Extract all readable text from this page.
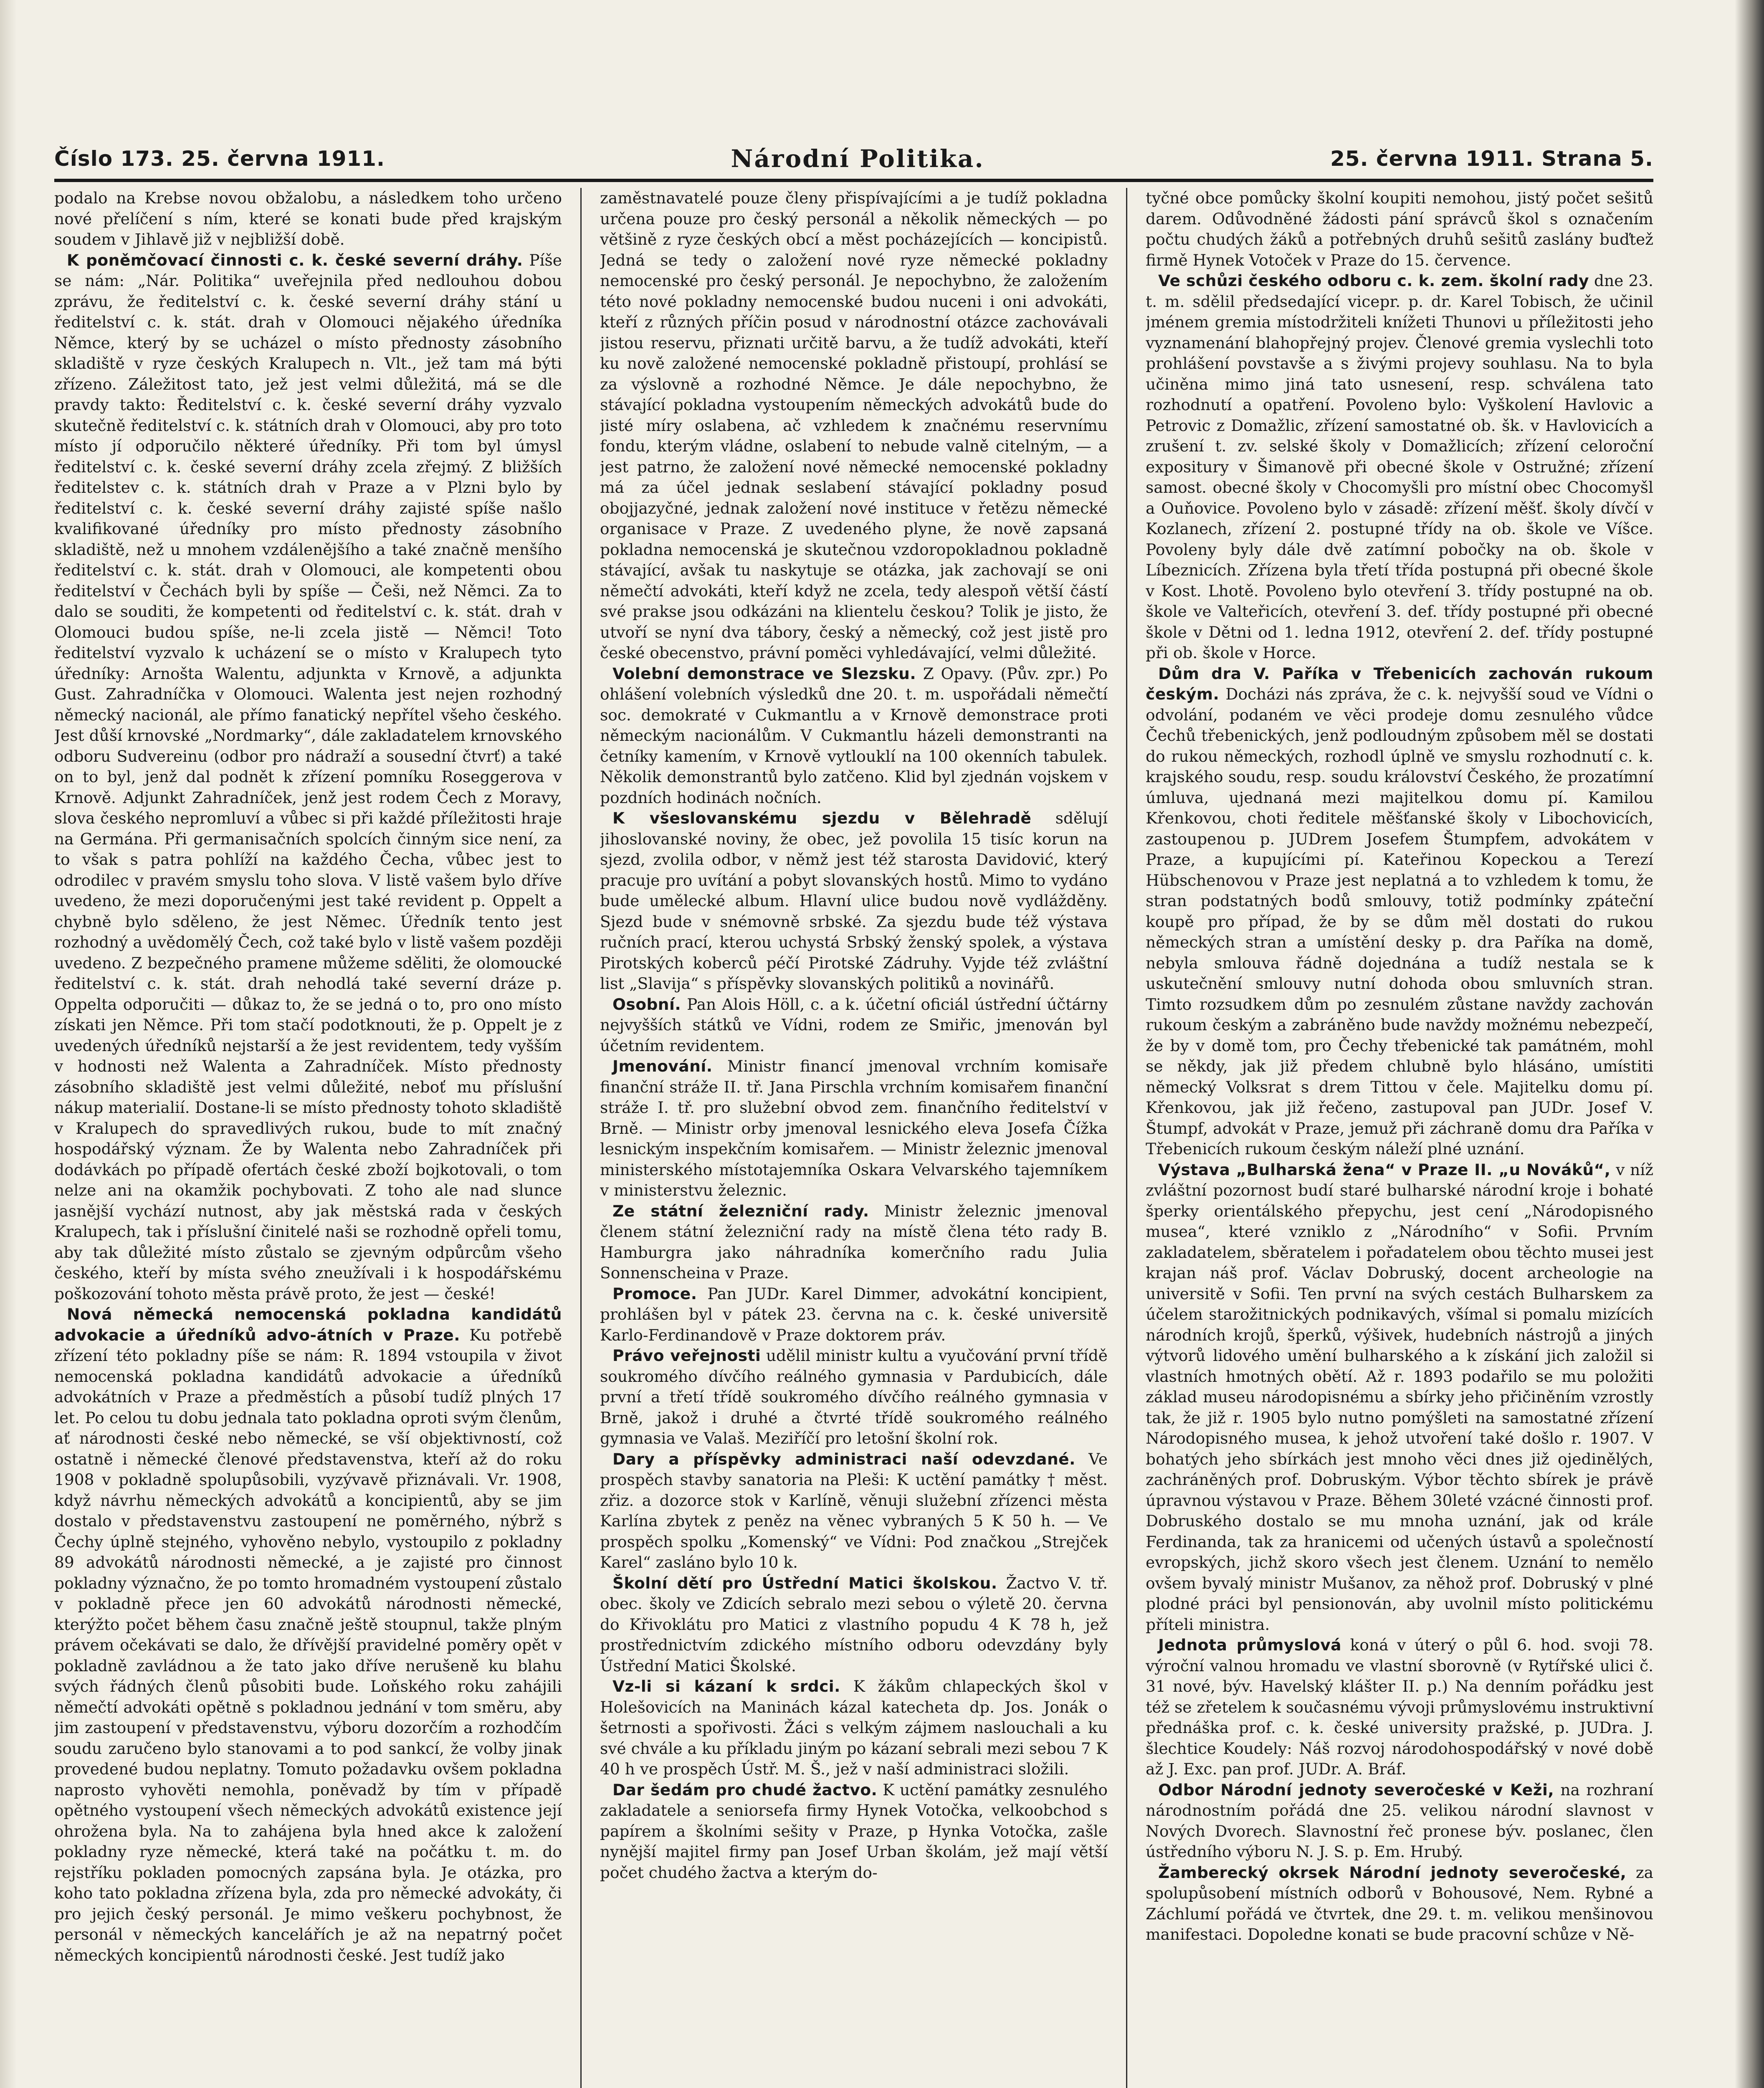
Číslo 173. 25. června 1911.	Národní Politika.	25. června 1911. Strana 5.

podalo na Krebse novou obžalobu, a následkem toho určeno nové přelíčení s ním, které se konati bude před krajským soudem v Jihlavě již v nejbližší době.

K poněmčovací činnosti c. k. české severní dráhy. Píše se nám: „Nár. Politika“ uveřejnila před nedlouhou dobou zprávu, že ředitelství c. k. české severní dráhy stání u ředitelství c. k. stát. drah v Olomouci nějakého úředníka Němce, který by se ucházel o místo přednosty zásobního skladiště v ryze českých Kralupech n. Vlt., jež tam má býti zřízeno. Záležitost tato, jež jest velmi důležitá, má se dle pravdy takto: Ředitelství c. k. české severní dráhy vyzvalo skutečně ředitelství c. k. státních drah v Olomouci, aby pro toto místo jí odporučilo některé úředníky. Při tom byl úmysl ředitelství c. k. české severní dráhy zcela zřejmý. Z bližších ředitelstev c. k. státních drah v Praze a v Plzni bylo by ředitelství c. k. české severní dráhy zajisté spíše našlo kvalifikované úředníky pro místo přednosty zásobního skladiště, než u mnohem vzdálenějšího a také značně menšího ředitelství c. k. stát. drah v Olomouci, ale kompetenti obou ředitelství v Čechách byli by spíše — Češi, než Němci. Za to dalo se souditi, že kompetenti od ředitelství c. k. stát. drah v Olomouci budou spíše, ne-li zcela jistě — Němci! Toto ředitelství vyzvalo k ucházení se o místo v Kralupech tyto úředníky: Arnošta Walentu, adjunkta v Krnově, a adjunkta Gust. Zahradníčka v Olomouci. Walenta jest nejen rozhodný německý nacionál, ale přímo fanatický nepřítel všeho českého. Jest důší krnovské „Nordmarky“, dále zakladatelem krnovského odboru Sudvereinu (odbor pro nádraží a sousední čtvrť) a také on to byl, jenž dal podnět k zřízení pomníku Roseggerova v Krnově. Adjunkt Zahradníček, jenž jest rodem Čech z Moravy, slova českého nepromluví a vůbec si při každé příležitosti hraje na Germána. Při germanisačních spolcích činným sice není, za to však s patra pohlíží na každého Čecha, vůbec jest to odrodilec v pravém smyslu toho slova. V listě vašem bylo dříve uvedeno, že mezi doporučenými jest také revident p. Oppelt a chybně bylo sděleno, že jest Němec. Úředník tento jest rozhodný a uvědomělý Čech, což také bylo v listě vašem později uvedeno. Z bezpečného pramene můžeme sděliti, že olomoucké ředitelství c. k. stát. drah nehodlá také severní dráze p. Oppelta odporučiti — důkaz to, že se jedná o to, pro ono místo získati jen Němce. Při tom stačí podotknouti, že p. Oppelt je z uvedených úředníků nejstarší a že jest revidentem, tedy vyšším v hodnosti než Walenta a Zahradníček. Místo přednosty zásobního skladiště jest velmi důležité, neboť mu příslušní nákup materialií. Dostane-li se místo přednosty tohoto skladiště v Kralupech do spravedlivých rukou, bude to mít značný hospodářský význam. Že by Walenta nebo Zahradníček při dodávkách po případě ofertách české zboží bojkotovali, o tom nelze ani na okamžik pochybovati. Z toho ale nad slunce jasnější vychází nutnost, aby jak městská rada v českých Kralupech, tak i příslušní činitelé naši se rozhodně opřeli tomu, aby tak důležité místo zůstalo se zjevným odpůrcům všeho českého, kteří by místa svého zneužívali i k hospodářskému poškozování tohoto města právě proto, že jest — české!

Nová německá nemocenská pokladna kandidátů advokacie a úředníků advo-átních v Praze. Ku potřebě zřízení této pokladny píše se nám: R. 1894 vstoupila v život nemocenská pokladna kandidátů advokacie a úředníků advokátních v Praze a předměstích a působí tudíž plných 17 let. Po celou tu dobu jednala tato pokladna oproti svým členům, ať národnosti české nebo německé, se vší objektivností, což ostatně i německé členové představenstva, kteří až do roku 1908 v pokladně spolupůsobili, vyzývavě přiznávali. Vr. 1908, když návrhu německých advokátů a koncipientů, aby se jim dostalo v představenstvu zastoupení ne poměrného, nýbrž s Čechy úplně stejného, vyhověno nebylo, vystoupilo z pokladny 89 advokátů národnosti německé, a je zajisté pro činnost pokladny význačno, že po tomto hromadném vystoupení zůstalo v pokladně přece jen 60 advokátů národnosti německé, kterýžto počet během času značně ještě stoupnul, takže plným právem očekávati se dalo, že dřívější pravidelné poměry opět v pokladně zavládnou a že tato jako dříve nerušeně ku blahu svých řádných členů působiti bude. Loňského roku zahájili němečtí advokáti opětně s pokladnou jednání v tom směru, aby jim zastoupení v představenstvu, výboru dozorčím a rozhodčím soudu zaručeno bylo stanovami a to pod sankcí, že volby jinak provedené budou neplatny. Tomuto požadavku ovšem pokladna naprosto vyhověti nemohla, poněvadž by tím v případě opětného vystoupení všech německých advokátů existence její ohrožena byla. Na to zahájena byla hned akce k založení pokladny ryze německé, která také na počátku t. m. do rejstříku pokladen pomocných zapsána byla. Je otázka, pro koho tato pokladna zřízena byla, zda pro německé advokáty, či pro jejich český personál. Je mimo veškeru pochybnost, že personál v německých kancelářích je až na nepatrný počet německých koncipientů národnosti české. Jest tudíž jako

zaměstnavatelé pouze členy přispívajícími a je tudíž pokladna určena pouze pro český personál a několik německých — po většině z ryze českých obcí a měst pocházejících — koncipistů. Jedná se tedy o založení nové ryze německé pokladny nemocenské pro český personál. Je nepochybno, že založením této nové pokladny nemocenské budou nuceni i oni advokáti, kteří z různých příčin posud v národnostní otázce zachovávali jistou reservu, přiznati určitě barvu, a že tudíž advokáti, kteří ku nově založené nemocenské pokladně přistoupí, prohlásí se za výslovně a rozhodné Němce. Je dále nepochybno, že stávající pokladna vystoupením německých advokátů bude do jisté míry oslabena, ač vzhledem k značnému reservnímu fondu, kterým vládne, oslabení to nebude valně citelným, — a jest patrno, že založení nové německé nemocenské pokladny má za účel jednak seslabení stávající pokladny posud obojjazyčné, jednak založení nové instituce v řetězu německé organisace v Praze. Z uvedeného plyne, že nově zapsaná pokladna nemocenská je skutečnou vzdoropokladnou pokladně stávající, avšak tu naskytuje se otázka, jak zachovají se oni němečtí advokáti, kteří když ne zcela, tedy alespoň větší částí své prakse jsou odkázáni na klientelu českou? Tolik je jisto, že utvoří se nyní dva tábory, český a německý, což jest jistě pro české obecenstvo, právní poměci vyhledávající, velmi důležité.

Volební demonstrace ve Slezsku. Z Opavy. (Pův. zpr.) Po ohlášení volebních výsledků dne 20. t. m. uspořádali němečtí soc. demokraté v Cukmantlu a v Krnově demonstrace proti německým nacionálům. V Cukmantlu házeli demonstranti na četníky kamením, v Krnově vytlouklí na 100 okenních tabulek. Několik demonstrantů bylo zatčeno. Klid byl zjednán vojskem v pozdních hodinách nočních.

K všeslovanskému sjezdu v Bělehradě sdělují jihoslovanské noviny, že obec, jež povolila 15 tisíc korun na sjezd, zvolila odbor, v němž jest též starosta Davidović, který pracuje pro uvítání a pobyt slovanských hostů. Mimo to vydáno bude umělecké album. Hlavní ulice budou nově vydlážděny. Sjezd bude v snémovně srbské. Za sjezdu bude též výstava ručních prací, kterou uchystá Srbský ženský spolek, a výstava Pirotských koberců péčí Pirotské Zádruhy. Vyjde též zvláštní list „Slavija“ s příspěvky slovanských politiků a novinářů.

Osobní. Pan Alois Höll, c. a k. účetní oficiál ústřední účtárny nejvyšších státků ve Vídni, rodem ze Smiřic, jmenován byl účetním revidentem.

Jmenování. Ministr financí jmenoval vrchním komisaře finanční stráže II. tř. Jana Pirschla vrchním komisařem finanční stráže I. tř. pro služební obvod zem. finančního ředitelství v Brně. — Ministr orby jmenoval lesnického eleva Josefa Čížka lesnickým inspekčním komisařem. — Ministr železnic jmenoval ministerského místotajemníka Oskara Velvarského tajemníkem v ministerstvu železnic.

Ze státní železniční rady. Ministr železnic jmenoval členem státní železniční rady na místě člena této rady B. Hamburgra jako náhradníka komerčního radu Julia Sonnenscheina v Praze.

Promoce. Pan JUDr. Karel Dimmer, advokátní koncipient, prohlášen byl v pátek 23. června na c. k. české universitě Karlo-Ferdinandově v Praze doktorem práv.

Právo veřejnosti udělil ministr kultu a vyučování první třídě soukromého dívčího reálného gymnasia v Pardubicích, dále první a třetí třídě soukromého dívčího reálného gymnasia v Brně, jakož i druhé a čtvrté třídě soukromého reálného gymnasia ve Valaš. Meziříčí pro letošní školní rok.

Dary a příspěvky administraci naší odevzdané. Ve prospěch stavby sanatoria na Pleši: K uctění památky † měst. zřiz. a dozorce stok v Karlíně, věnuji služební zřízenci města Karlína zbytek z peněz na věnec vybraných 5 K 50 h. — Ve prospěch spolku „Komenský“ ve Vídni: Pod značkou „Strejček Karel“ zasláno bylo 10 k.

Školní dětí pro Ústřední Matici školskou. Žactvo V. tř. obec. školy ve Zdicích sebralo mezi sebou o výletě 20. června do Křivoklátu pro Matici z vlastního popudu 4 K 78 h, jež prostřednictvím zdického místního odboru odevzdány byly Ústřední Matici Školské.

Vz-li si kázaní k srdci. K žákům chlapeckých škol v Holešovicích na Maninách kázal katecheta dp. Jos. Jonák o šetrnosti a spořivosti. Žáci s velkým zájmem naslouchali a ku své chvále a ku příkladu jiným po kázaní sebrali mezi sebou 7 K 40 h ve prospěch Ústř. M. Š., jež v naší administraci složili.

Dar šedám pro chudé žactvo. K uctění památky zesnulého zakladatele a seniorsefa firmy Hynek Votočka, velkoobchod s papírem a školními sešity v Praze, p Hynka Votočka, zašle nynější majitel firmy pan Josef Urban školám, jež mají větší počet chudého žactva a kterým do-

tyčné obce pomůcky školní koupiti nemohou, jistý počet sešitů darem. Odůvodněné žádosti pání správců škol s označením počtu chudých žáků a potřebných druhů sešitů zaslány buďtež firmě Hynek Votoček v Praze do 15. července.

Ve schůzi českého odboru c. k. zem. školní rady dne 23. t. m. sdělil předsedající vicepr. p. dr. Karel Tobisch, že učinil jménem gremia místodržiteli knížeti Thunovi u příležitosti jeho vyznamenání blahopřejný projev. Členové gremia vyslechli toto prohlášení povstavše a s živými projevy souhlasu. Na to byla učiněna mimo jiná tato usnesení, resp. schválena tato rozhodnutí a opatření. Povoleno bylo: Vyškolení Havlovic a Petrovic z Domažlic, zřízení samostatné ob. šk. v Havlovicích a zrušení t. zv. selské školy v Domažlicích; zřízení celoroční expositury v Šimanově při obecné škole v Ostružné; zřízení samost. obecné školy v Chocomyšli pro místní obec Chocomyšl a Ouňovice. Povoleno bylo v zásadě: zřízení měšť. školy dívčí v Kozlanech, zřízení 2. postupné třídy na ob. škole ve Víšce. Povoleny byly dále dvě zatímní pobočky na ob. škole v Líbeznicích. Zřízena byla třetí třída postupná při obecné škole v Kost. Lhotě. Povoleno bylo otevření 3. třídy postupné na ob. škole ve Valteřicích, otevření 3. def. třídy postupné při obecné škole v Dětni od 1. ledna 1912, otevření 2. def. třídy postupné při ob. škole v Horce.

Dům dra V. Paříka v Třebenicích zachován rukoum českým. Docházi nás zpráva, že c. k. nejvyšší soud ve Vídni o odvolání, podaném ve věci prodeje domu zesnulého vůdce Čechů třebenických, jenž podloudným způsobem měl se dostati do rukou německých, rozhodl úplně ve smyslu rozhodnutí c. k. krajského soudu, resp. soudu království Českého, že prozatímní úmluva, ujednaná mezi majitelkou domu pí. Kamilou Křenkovou, choti ředitele měšťanské školy v Libochovicích, zastoupenou p. JUDrem Josefem Štumpfem, advokátem v Praze, a kupujícími pí. Kateřinou Kopeckou a Terezí Hübschenovou v Praze jest neplatná a to vzhledem k tomu, že stran podstatných bodů smlouvy, totiž podmínky zpáteční koupě pro případ, že by se dům měl dostati do rukou německých stran a umístění desky p. dra Paříka na domě, nebyla smlouva řádně dojednána a tudíž nestala se k uskutečnění smlouvy nutní dohoda obou smluvních stran. Timto rozsudkem dům po zesnulém zůstane navždy zachován rukoum českým a zabráněno bude navždy možnému nebezpečí, že by v domě tom, pro Čechy třebenické tak památném, mohl se někdy, jak již předem chlubně bylo hlásáno, umístiti německý Volksrat s drem Tittou v čele. Majitelku domu pí. Křenkovou, jak již řečeno, zastupoval pan JUDr. Josef V. Štumpf, advokát v Praze, jemuž při záchraně domu dra Paříka v Třebenicích rukoum českým náleží plné uznání.

Výstava „Bulharská žena“ v Praze II. „u Nováků“, v níž zvláštní pozornost budí staré bulharské národní kroje i bohaté šperky orientálského přepychu, jest cení „Národopisného musea“, které vzniklo z „Národního“ v Sofii. Prvním zakladatelem, sběratelem i pořadatelem obou těchto musei jest krajan náš prof. Václav Dobruský, docent archeologie na universitě v Sofii. Ten první na svých cestách Bulharskem za účelem starožitnických podnikavých, všímal si pomalu mizících národních krojů, šperků, výšivek, hudebních nástrojů a jiných výtvorů lidového umění bulharského a k získání jich založil si vlastních hmotných obětí. Až r. 1893 podařilo se mu položiti základ museu národopisnému a sbírky jeho přičiněním vzrostly tak, že již r. 1905 bylo nutno pomýšleti na samostatné zřízení Národopisného musea, k jehož utvoření také došlo r. 1907. V bohatých jeho sbírkách jest mnoho věci dnes již ojedinělých, zachráněných prof. Dobruským. Výbor těchto sbírek je právě úpravnou výstavou v Praze. Během 30leté vzácné činnosti prof. Dobruského dostalo se mu mnoha uznání, jak od krále Ferdinanda, tak za hranicemi od učených ústavů a společností evropských, jichž skoro všech jest členem. Uznání to nemělo ovšem byvalý ministr Mušanov, za něhož prof. Dobruský v plné plodné práci byl pensionován, aby uvolnil místo politickému příteli ministra.

Jednota průmyslová koná v úterý o půl 6. hod. svoji 78. výroční valnou hromadu ve vlastní sborovně (v Rytířské ulici č. 31 nové, býv. Havelský klášter II. p.) Na denním pořádku jest též se zřetelem k současnému vývoji průmyslovému instruktivní přednáška prof. c. k. české university pražské, p. JUDra. J. šlechtice Koudely: Náš rozvoj národohospodářský v nové době až J. Exc. pan prof. JUDr. A. Bráf.

Odbor Národní jednoty severočeské v Keži, na rozhraní národnostním pořádá dne 25. velikou národní slavnost v Nových Dvorech. Slavnostní řeč pronese býv. poslanec, člen ústředního výboru N. J. S. p. Em. Hrubý.

Žamberecký okrsek Národní jednoty severočeské, za spolupůsobení místních odborů v Bohousové, Nem. Rybné a Záchlumí pořádá ve čtvrtek, dne 29. t. m. velikou menšinovou manifestaci. Dopoledne konati se bude pracovní schůze v Ně-
